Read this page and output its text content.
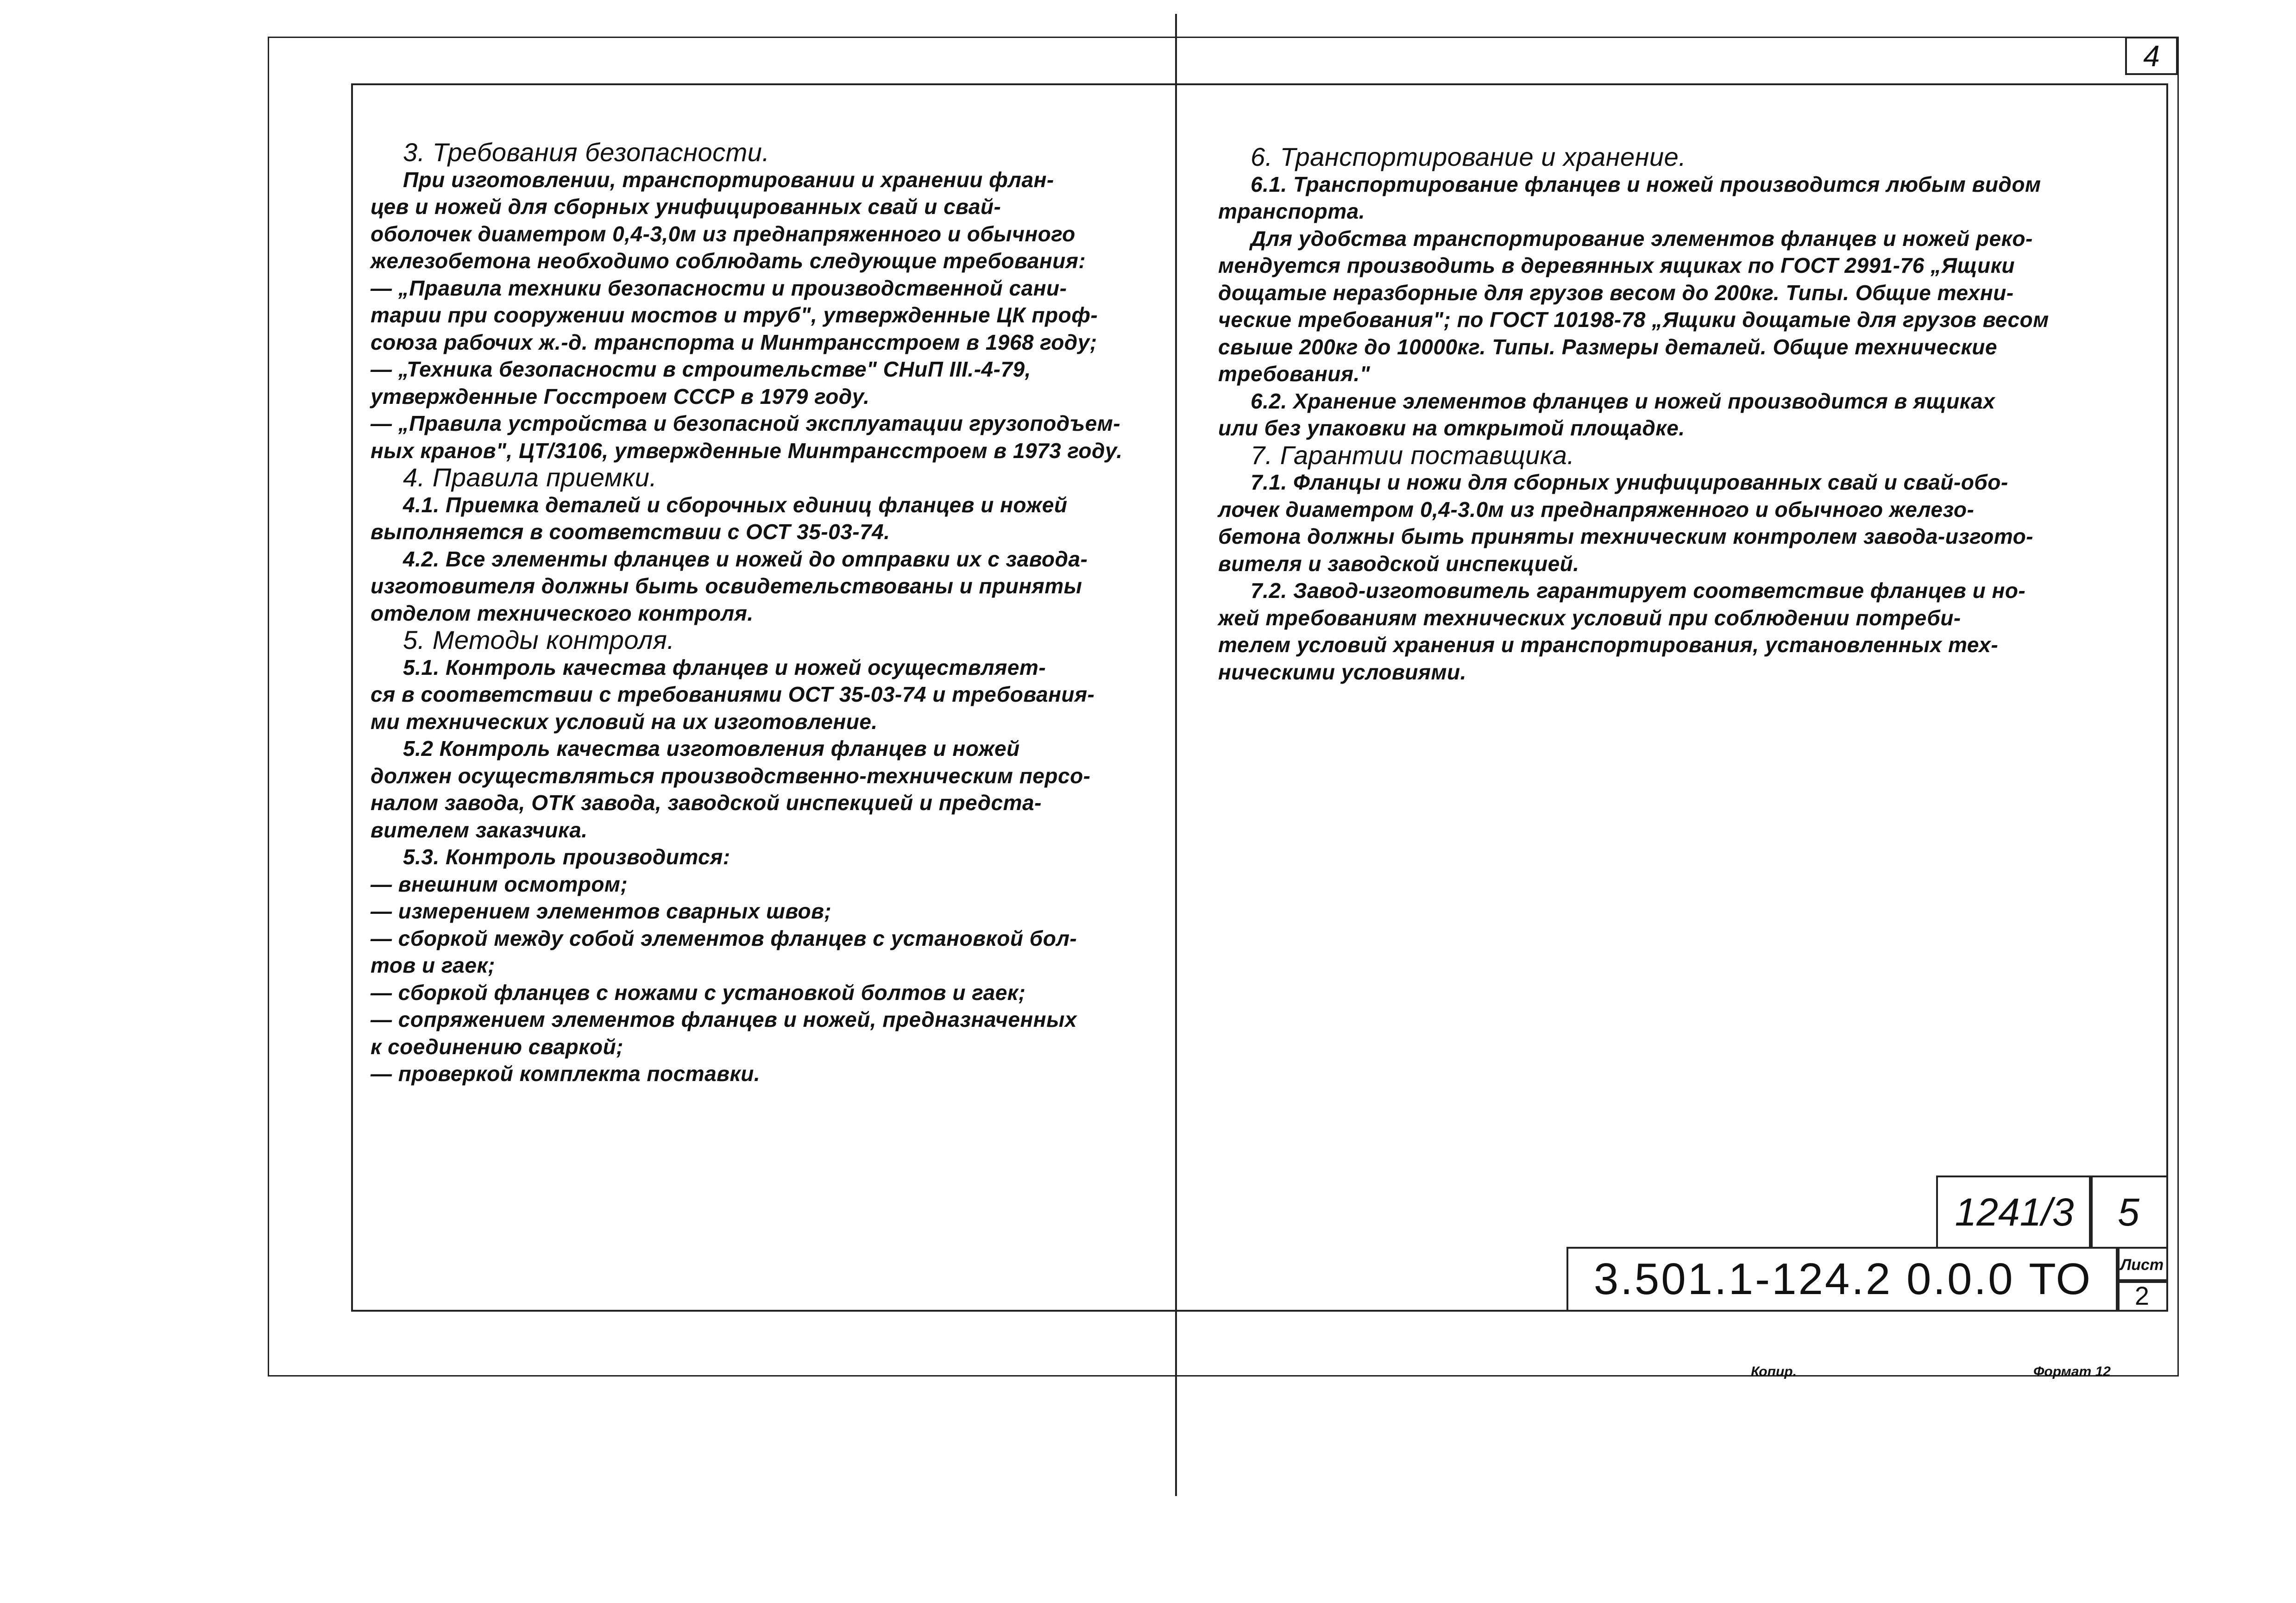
4
3. Требования безопасности.
При изготовлении, транспортировании и хранении флан-
цев и ножей для сборных унифицированных свай и свай-
оболочек диаметром 0,4-3,0м из преднапряженного и обычного
железобетона необходимо соблюдать следующие требования:
— „Правила техники безопасности и производственной сани-
тарии при сооружении мостов и труб", утвержденные ЦК проф-
союза рабочих ж.-д. транспорта и Минтрансстроем в 1968 году;
— „Техника безопасности в строительстве" СНиП III.-4-79,
утвержденные Госстроем СССР в 1979 году.
— „Правила устройства и безопасной эксплуатации грузоподъем-
ных кранов", ЦТ/3106, утвержденные Минтрансстроем в 1973 году.
4. Правила приемки.
4.1. Приемка деталей и сборочных единиц фланцев и ножей
выполняется в соответствии с ОСТ 35-03-74.
4.2. Все элементы фланцев и ножей до отправки их с завода-
изготовителя должны быть освидетельствованы и приняты
отделом технического контроля.
5. Методы контроля.
5.1. Контроль качества фланцев и ножей осуществляет-
ся в соответствии с требованиями ОСТ 35-03-74 и требования-
ми технических условий на их изготовление.
5.2 Контроль качества изготовления фланцев и ножей
должен осуществляться производственно-техническим персо-
налом завода, ОТК завода, заводской инспекцией и предста-
вителем заказчика.
5.3. Контроль производится:
— внешним осмотром;
— измерением элементов сварных швов;
— сборкой между собой элементов фланцев с установкой бол-
тов и гаек;
— сборкой фланцев с ножами с установкой болтов и гаек;
— сопряжением элементов фланцев и ножей, предназначенных
к соединению сваркой;
— проверкой комплекта поставки.
6. Транспортирование и хранение.
6.1. Транспортирование фланцев и ножей производится любым видом
транспорта.
Для удобства транспортирование элементов фланцев и ножей реко-
мендуется производить в деревянных ящиках по ГОСТ 2991-76 „Ящики
дощатые неразборные для грузов весом до 200кг. Типы. Общие техни-
ческие требования"; по ГОСТ 10198-78 „Ящики дощатые для грузов весом
свыше 200кг до 10000кг. Типы. Размеры деталей. Общие технические
требования."
6.2. Хранение элементов фланцев и ножей производится в ящиках
или без упаковки на открытой площадке.
7. Гарантии поставщика.
7.1. Фланцы и ножи для сборных унифицированных свай и свай-обо-
лочек диаметром 0,4-3.0м из преднапряженного и обычного железо-
бетона должны быть приняты техническим контролем завода-изгото-
вителя и заводской инспекцией.
7.2. Завод-изготовитель гарантирует соответствие фланцев и но-
жей требованиям технических условий при соблюдении потреби-
телем условий хранения и транспортирования, установленных тех-
ническими условиями.
1241/3	5
3.501.1-124.2 0.0.0 ТО	Лист
2
Копир.	Формат 12
